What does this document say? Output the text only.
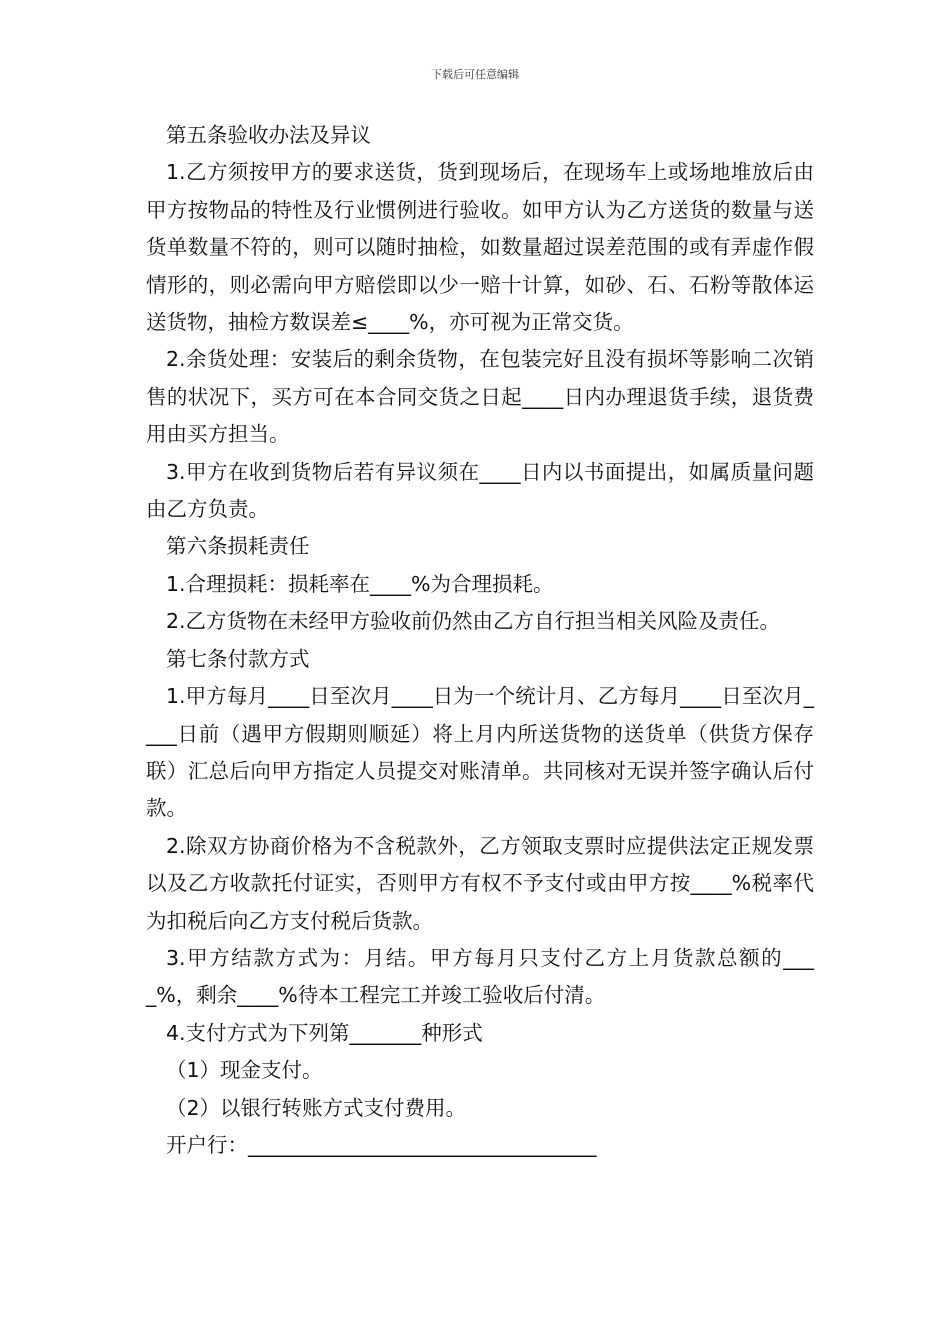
下载后可任意编辑

第五条验收办法及异议

1.乙方须按甲方的要求送货，货到现场后，在现场车上或场地堆放后由甲方按物品的特性及行业惯例进行验收。如甲方认为乙方送货的数量与送货单数量不符的，则可以随时抽检，如数量超过误差范围的或有弄虚作假情形的，则必需向甲方赔偿即以少一赔十计算，如砂、石、石粉等散体运送货物，抽检方数误差≤____%，亦可视为正常交货。

2.余货处理：安装后的剩余货物，在包装完好且没有损坏等影响二次销售的状况下，买方可在本合同交货之日起____日内办理退货手续，退货费用由买方担当。

3.甲方在收到货物后若有异议须在____日内以书面提出，如属质量问题由乙方负责。

第六条损耗责任

1.合理损耗：损耗率在____%为合理损耗。

2.乙方货物在未经甲方验收前仍然由乙方自行担当相关风险及责任。

第七条付款方式

1.甲方每月____日至次月____日为一个统计月、乙方每月____日至次月____日前（遇甲方假期则顺延）将上月内所送货物的送货单（供货方保存联）汇总后向甲方指定人员提交对账清单。共同核对无误并签字确认后付款。

2.除双方协商价格为不含税款外，乙方领取支票时应提供法定正规发票以及乙方收款托付证实，否则甲方有权不予支付或由甲方按____%税率代为扣税后向乙方支付税后货款。

3.甲方结款方式为：月结。甲方每月只支付乙方上月货款总额的____%，剩余____%待本工程完工并竣工验收后付清。

4.支付方式为下列第_______种形式

（1）现金支付。

（2）以银行转账方式支付费用。

开户行：__________________________________
